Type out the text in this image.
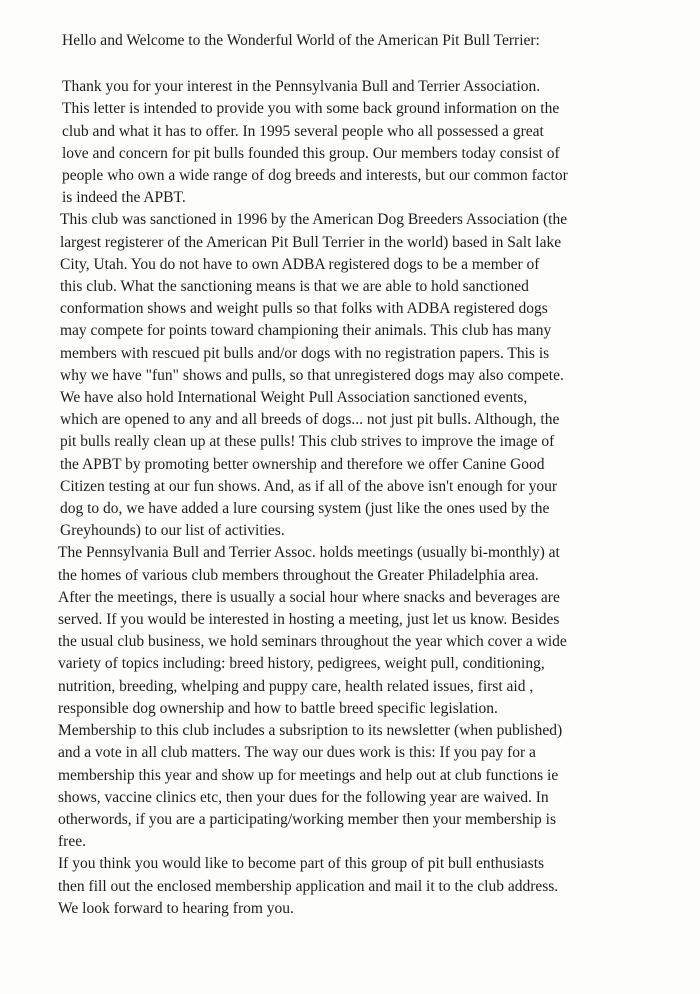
Hello and Welcome to the Wonderful World of the American Pit Bull Terrier:

Thank you for your interest in the Pennsylvania Bull and Terrier Association.
This letter is intended to provide you with some back ground information on the
club and what it has to offer. In 1995 several people who all possessed a great
love and concern for pit bulls founded this group. Our members today consist of
people who own a wide range of dog breeds and interests, but our common factor
is indeed the APBT.
This club was sanctioned in 1996 by the American Dog Breeders Association (the
largest registerer of the American Pit Bull Terrier in the world) based in Salt lake
City, Utah. You do not have to own ADBA registered dogs to be a member of
this club. What the sanctioning means is that we are able to hold sanctioned
conformation shows and weight pulls so that folks with ADBA registered dogs
may compete for points toward championing their animals. This club has many
members with rescued pit bulls and/or dogs with no registration papers. This is
why we have "fun" shows and pulls, so that unregistered dogs may also compete.
We have also hold International Weight Pull Association sanctioned events,
which are opened to any and all breeds of dogs... not just pit bulls. Although, the
pit bulls really clean up at these pulls! This club strives to improve the image of
the APBT by promoting better ownership and therefore we offer Canine Good
Citizen testing at our fun shows. And, as if all of the above isn't enough for your
dog to do, we have added a lure coursing system (just like the ones used by the
Greyhounds) to our list of activities.
The Pennsylvania Bull and Terrier Assoc. holds meetings (usually bi-monthly) at
the homes of various club members throughout the Greater Philadelphia area.
After the meetings, there is usually a social hour where snacks and beverages are
served. If you would be interested in hosting a meeting, just let us know. Besides
the usual club business, we hold seminars throughout the year which cover a wide
variety of topics including: breed history, pedigrees, weight pull, conditioning,
nutrition, breeding, whelping and puppy care, health related issues, first aid ,
responsible dog ownership and how to battle breed specific legislation.
Membership to this club includes a subsription to its newsletter (when published)
and a vote in all club matters. The way our dues work is this: If you pay for a
membership this year and show up for meetings and help out at club functions ie
shows, vaccine clinics etc, then your dues for the following year are waived. In
otherwords, if you are a participating/working member then your membership is
free.
If you think you would like to become part of this group of pit bull enthusiasts
then fill out the enclosed membership application and mail it to the club address.
We look forward to hearing from you.
